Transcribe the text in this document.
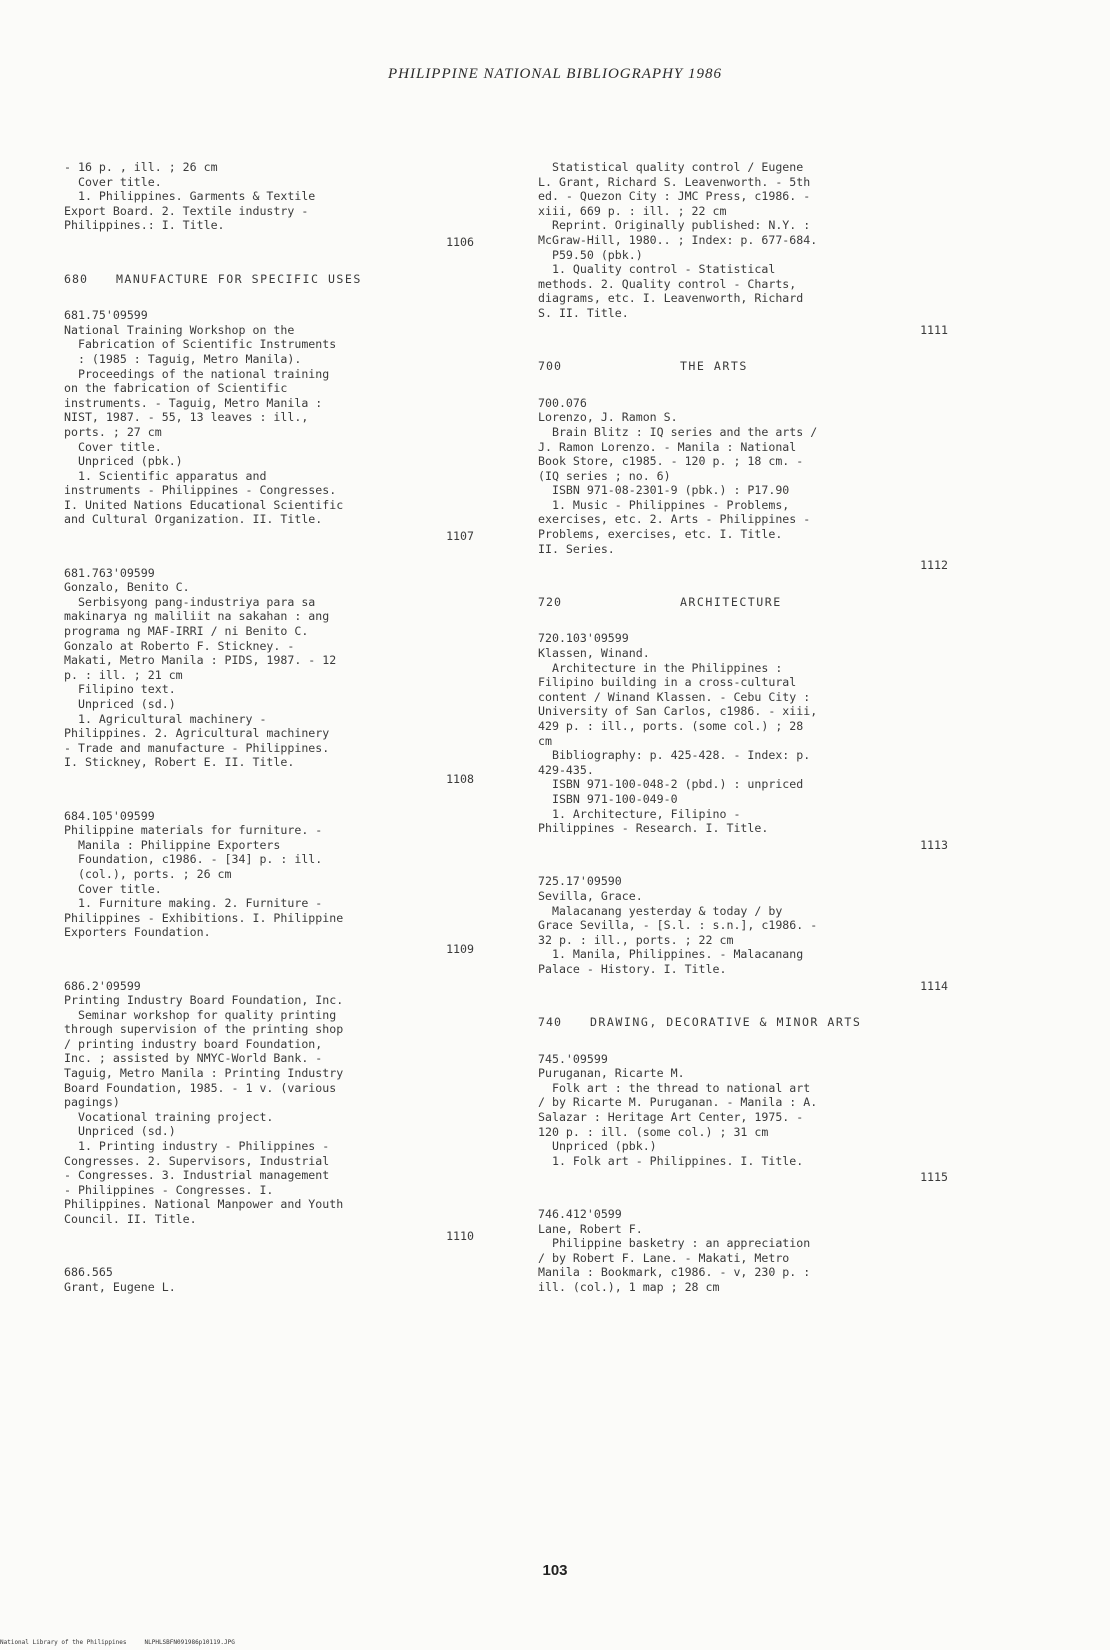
PHILIPPINE NATIONAL BIBLIOGRAPHY 1986
- 16 p. , ill. ; 26 cm
Cover title.
1. Philippines. Garments & Textile
Export Board. 2. Textile industry -
Philippines.: I. Title.
1106
680 MANUFACTURE FOR SPECIFIC USES
681.75'09599
National Training Workshop on the
Fabrication of Scientific Instruments
: (1985 : Taguig, Metro Manila).
Proceedings of the national training
on the fabrication of Scientific
instruments. - Taguig, Metro Manila :
NIST, 1987. - 55, 13 leaves : ill.,
ports. ; 27 cm
Cover title.
Unpriced (pbk.)
1. Scientific apparatus and
instruments - Philippines - Congresses.
I. United Nations Educational Scientific
and Cultural Organization. II. Title.
1107
681.763'09599
Gonzalo, Benito C.
Serbisyong pang-industriya para sa
makinarya ng maliliit na sakahan : ang
programa ng MAF-IRRI / ni Benito C.
Gonzalo at Roberto F. Stickney. -
Makati, Metro Manila : PIDS, 1987. - 12
p. : ill. ; 21 cm
Filipino text.
Unpriced (sd.)
1. Agricultural machinery -
Philippines. 2. Agricultural machinery
- Trade and manufacture - Philippines.
I. Stickney, Robert E. II. Title.
1108
684.105'09599
Philippine materials for furniture. -
Manila : Philippine Exporters
Foundation, c1986. - [34] p. : ill.
(col.), ports. ; 26 cm
Cover title.
1. Furniture making. 2. Furniture -
Philippines - Exhibitions. I. Philippine
Exporters Foundation.
1109
686.2'09599
Printing Industry Board Foundation, Inc.
Seminar workshop for quality printing
through supervision of the printing shop
/ printing industry board Foundation,
Inc. ; assisted by NMYC-World Bank. -
Taguig, Metro Manila : Printing Industry
Board Foundation, 1985. - 1 v. (various
pagings)
Vocational training project.
Unpriced (sd.)
1. Printing industry - Philippines -
Congresses. 2. Supervisors, Industrial
- Congresses. 3. Industrial management
- Philippines - Congresses. I.
Philippines. National Manpower and Youth
Council. II. Title.
1110
686.565
Grant, Eugene L.
Statistical quality control / Eugene
L. Grant, Richard S. Leavenworth. - 5th
ed. - Quezon City : JMC Press, c1986. -
xiii, 669 p. : ill. ; 22 cm
Reprint. Originally published: N.Y. :
McGraw-Hill, 1980.. ; Index: p. 677-684.
P59.50 (pbk.)
1. Quality control - Statistical
methods. 2. Quality control - Charts,
diagrams, etc. I. Leavenworth, Richard
S. II. Title.
1111
700	THE ARTS
700.076
Lorenzo, J. Ramon S.
Brain Blitz : IQ series and the arts /
J. Ramon Lorenzo. - Manila : National
Book Store, c1985. - 120 p. ; 18 cm. -
(IQ series ; no. 6)
ISBN 971-08-2301-9 (pbk.) : P17.90
1. Music - Philippines - Problems,
exercises, etc. 2. Arts - Philippines -
Problems, exercises, etc. I. Title.
II. Series.
1112
720	ARCHITECTURE
720.103'09599
Klassen, Winand.
Architecture in the Philippines :
Filipino building in a cross-cultural
content / Winand Klassen. - Cebu City :
University of San Carlos, c1986. - xiii,
429 p. : ill., ports. (some col.) ; 28
cm
Bibliography: p. 425-428. - Index: p.
429-435.
ISBN 971-100-048-2 (pbd.) : unpriced
ISBN 971-100-049-0
1. Architecture, Filipino -
Philippines - Research. I. Title.
1113
725.17'09590
Sevilla, Grace.
Malacanang yesterday & today / by
Grace Sevilla, - [S.l. : s.n.], c1986. -
32 p. : ill., ports. ; 22 cm
1. Manila, Philippines. - Malacanang
Palace - History. I. Title.
1114
740 DRAWING, DECORATIVE & MINOR ARTS
745.'09599
Puruganan, Ricarte M.
Folk art : the thread to national art
/ by Ricarte M. Puruganan. - Manila : A.
Salazar : Heritage Art Center, 1975. -
120 p. : ill. (some col.) ; 31 cm
Unpriced (pbk.)
1. Folk art - Philippines. I. Title.
1115
746.412'0599
Lane, Robert F.
Philippine basketry : an appreciation
/ by Robert F. Lane. - Makati, Metro
Manila : Bookmark, c1986. - v, 230 p. :
ill. (col.), 1 map ; 28 cm
103
National Library of the Philippines     NLPHLSBFN091986p10119.JPG
